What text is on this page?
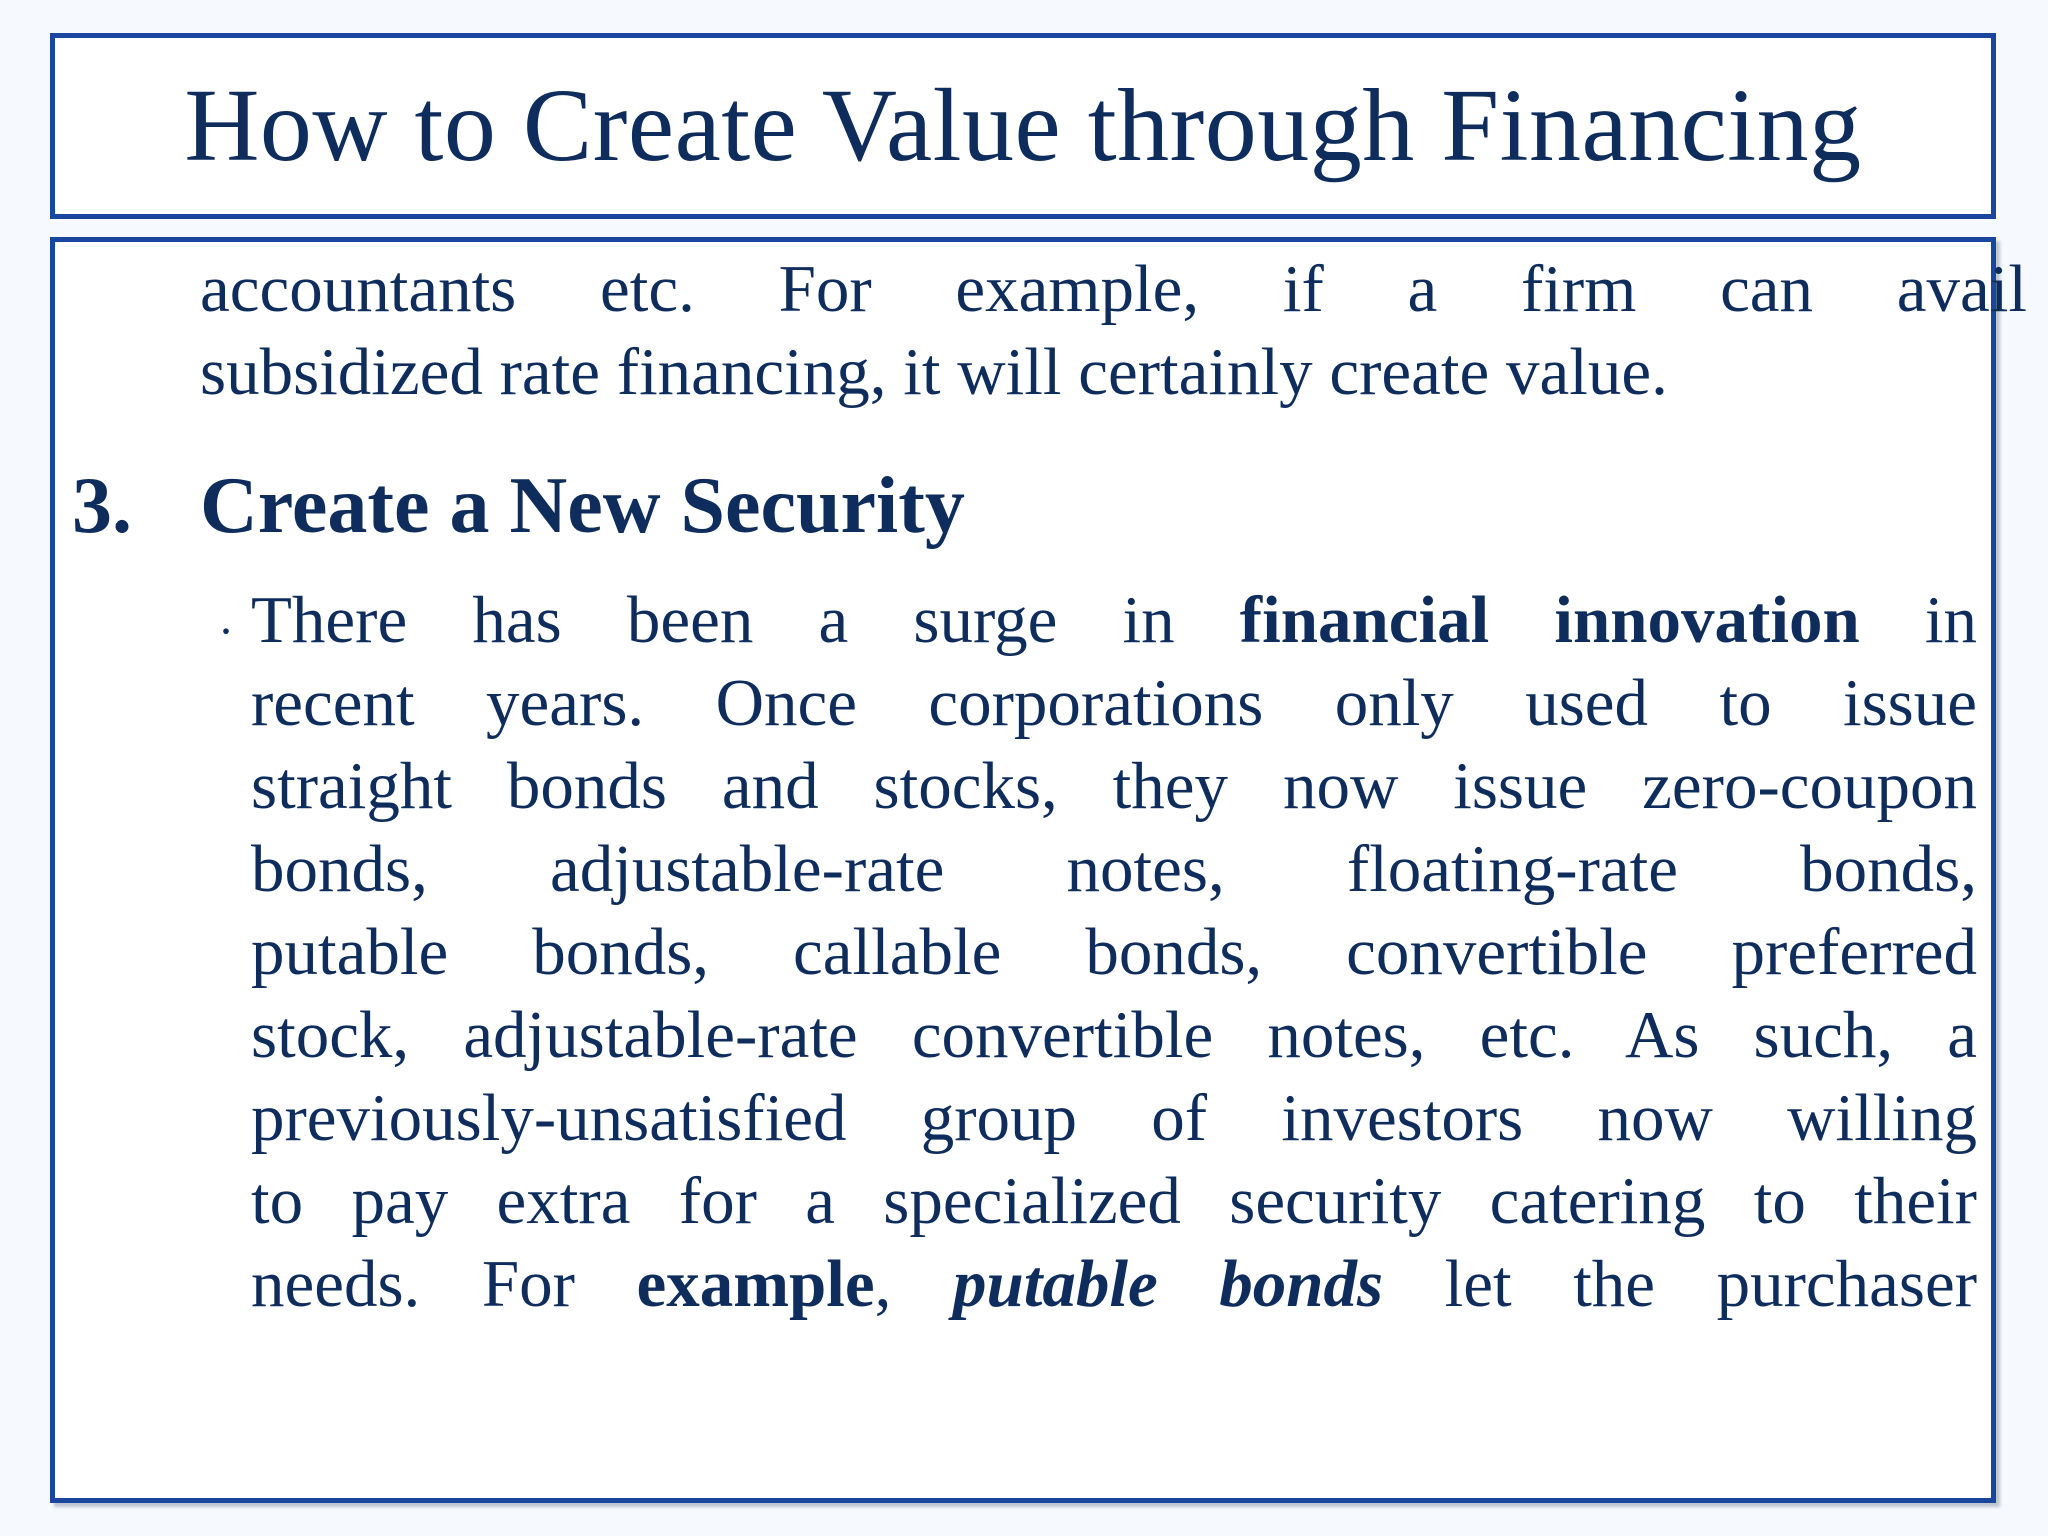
How to Create Value through Financing
accountants etc. For example, if a firm can avail
subsidized rate financing, it will certainly create value.
3. Create a New Security
· There has been a surge in financial innovation in
recent years. Once corporations only used to issue
straight bonds and stocks, they now issue zero-coupon
bonds, adjustable-rate notes, floating-rate bonds,
putable bonds, callable bonds, convertible preferred
stock, adjustable-rate convertible notes, etc. As such, a
previously-unsatisfied group of investors now willing
to pay extra for a specialized security catering to their
needs. For example, putable bonds let the purchaser
